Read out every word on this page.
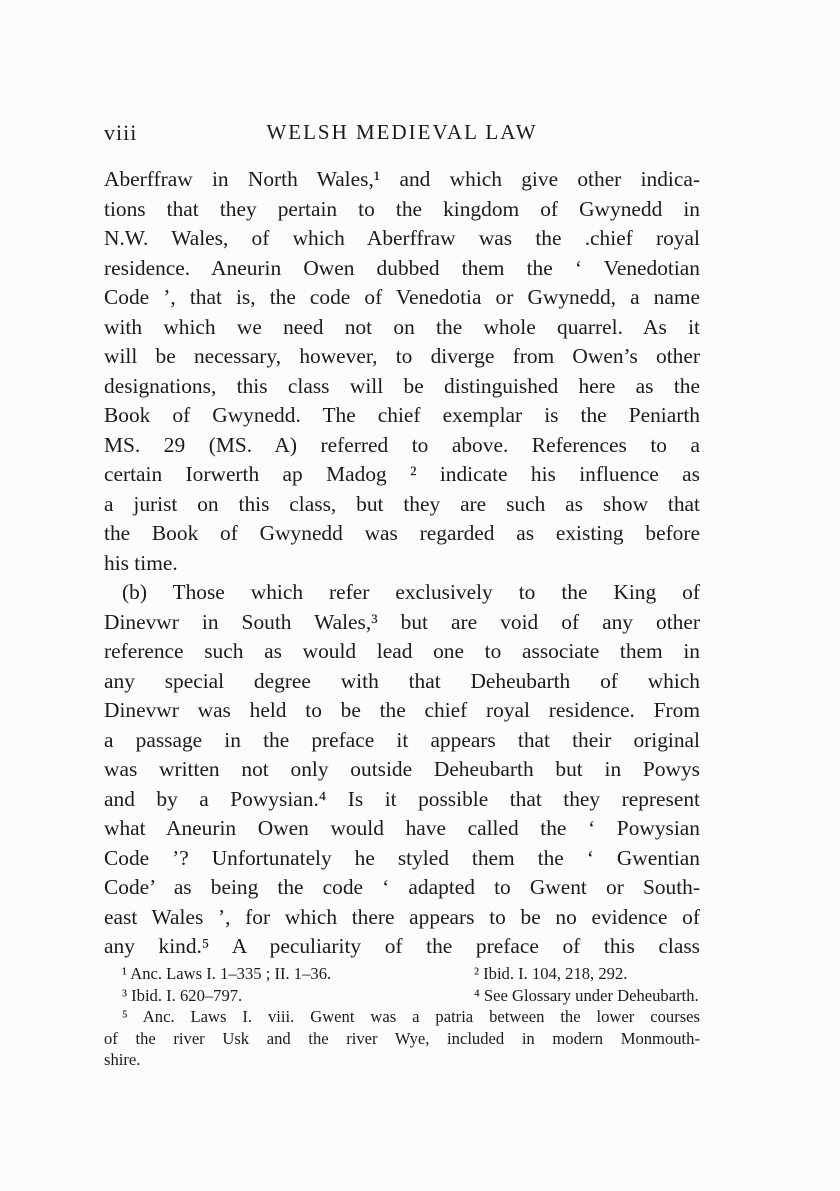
viii	WELSH MEDIEVAL LAW
Aberffraw in North Wales,¹ and which give other indica-
tions that they pertain to the kingdom of Gwynedd in
N.W. Wales, of which Aberffraw was the .chief royal
residence. Aneurin Owen dubbed them the ‘ Venedotian
Code ’, that is, the code of Venedotia or Gwynedd, a name
with which we need not on the whole quarrel. As it
will be necessary, however, to diverge from Owen’s other
designations, this class will be distinguished here as the
Book of Gwynedd. The chief exemplar is the Peniarth
MS. 29 (MS. A) referred to above. References to a
certain Iorwerth ap Madog ² indicate his influence as
a jurist on this class, but they are such as show that
the Book of Gwynedd was regarded as existing before
his time.
(b) Those which refer exclusively to the King of
Dinevwr in South Wales,³ but are void of any other
reference such as would lead one to associate them in
any special degree with that Deheubarth of which
Dinevwr was held to be the chief royal residence. From
a passage in the preface it appears that their original
was written not only outside Deheubarth but in Powys
and by a Powysian.⁴ Is it possible that they represent
what Aneurin Owen would have called the ‘ Powysian
Code ’? Unfortunately he styled them the ‘ Gwentian
Code’ as being the code ‘ adapted to Gwent or South-
east Wales ’, for which there appears to be no evidence of
any kind.⁵ A peculiarity of the preface of this class
¹ Anc. Laws I. 1–335 ; II. 1–36.	² Ibid. I. 104, 218, 292.
³ Ibid. I. 620–797.	⁴ See Glossary under Deheubarth.
⁵ Anc. Laws I. viii. Gwent was a patria between the lower courses
of the river Usk and the river Wye, included in modern Monmouth-
shire.
